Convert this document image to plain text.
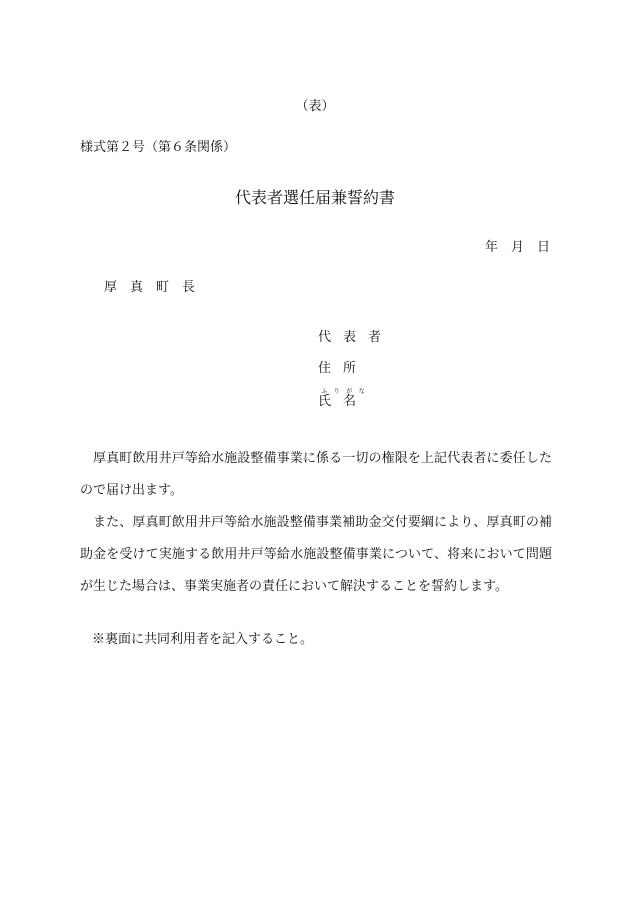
（表）
様式第２号（第６条関係）
代表者選任届兼誓約書
年　月　日
厚真町長
代表者
住所
氏ふり名がな

厚真町飲用井戸等給水施設整備事業に係る一切の権限を上記代表者に委任したので届け出ます。

また、厚真町飲用井戸等給水施設整備事業補助金交付要綱により、厚真町の補助金を受けて実施する飲用井戸等給水施設整備事業について、将来において問題が生じた場合は、事業実施者の責任において解決することを誓約します。

※裏面に共同利用者を記入すること。
